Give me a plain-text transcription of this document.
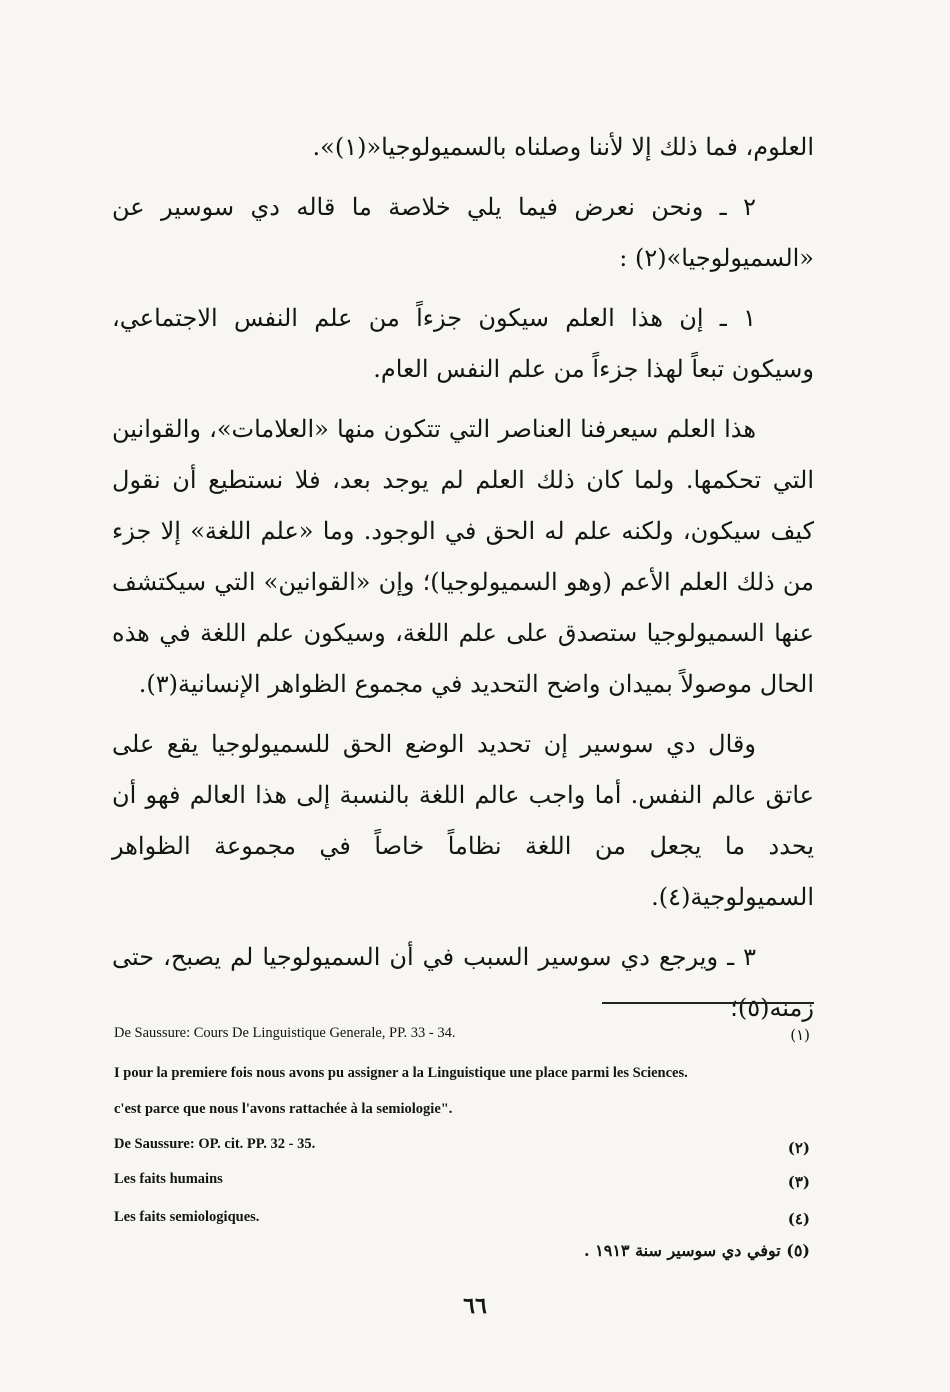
العلوم، فما ذلك إلا لأننا وصلناه بالسميولوجيا«(١)».

٢ ـ ونحن نعرض فيما يلي خلاصة ما قاله دي سوسير عن «السميولوجيا»(٢) :

١ ـ إن هذا العلم سيكون جزءاً من علم النفس الاجتماعي، وسيكون تبعاً لهذا جزءاً من علم النفس العام.

هذا العلم سيعرفنا العناصر التي تتكون منها «العلامات»، والقوانين التي تحكمها. ولما كان ذلك العلم لم يوجد بعد، فلا نستطيع أن نقول كيف سيكون، ولكنه علم له الحق في الوجود. وما «علم اللغة» إلا جزء من ذلك العلم الأعم (وهو السميولوجيا)؛ وإن «القوانين» التي سيكتشف عنها السميولوجيا ستصدق على علم اللغة، وسيكون علم اللغة في هذه الحال موصولاً بميدان واضح التحديد في مجموع الظواهر الإنسانية(٣).

وقال دي سوسير إن تحديد الوضع الحق للسميولوجيا يقع على عاتق عالم النفس. أما واجب عالم اللغة بالنسبة إلى هذا العالم فهو أن يحدد ما يجعل من اللغة نظاماً خاصاً في مجموعة الظواهر السميولوجية(٤).

٣ ـ ويرجع دي سوسير السبب في أن السميولوجيا لم يصبح، حتى زمنه(٥)؛

De Saussure: Cours De Linguistique Generale, PP. 33 - 34.	(١)
I pour la premiere fois nous avons pu assigner a la Linguistique une place parmi les Sciences.
c'est parce que nous l'avons rattachée à la semiologie".
De Saussure: OP. cit. PP. 32 - 35.	(٢)
Les faits humains	(٣)
Les faits semiologiques.	(٤)
(٥) توفي دي سوسير سنة ١٩١٣ .
٦٦
